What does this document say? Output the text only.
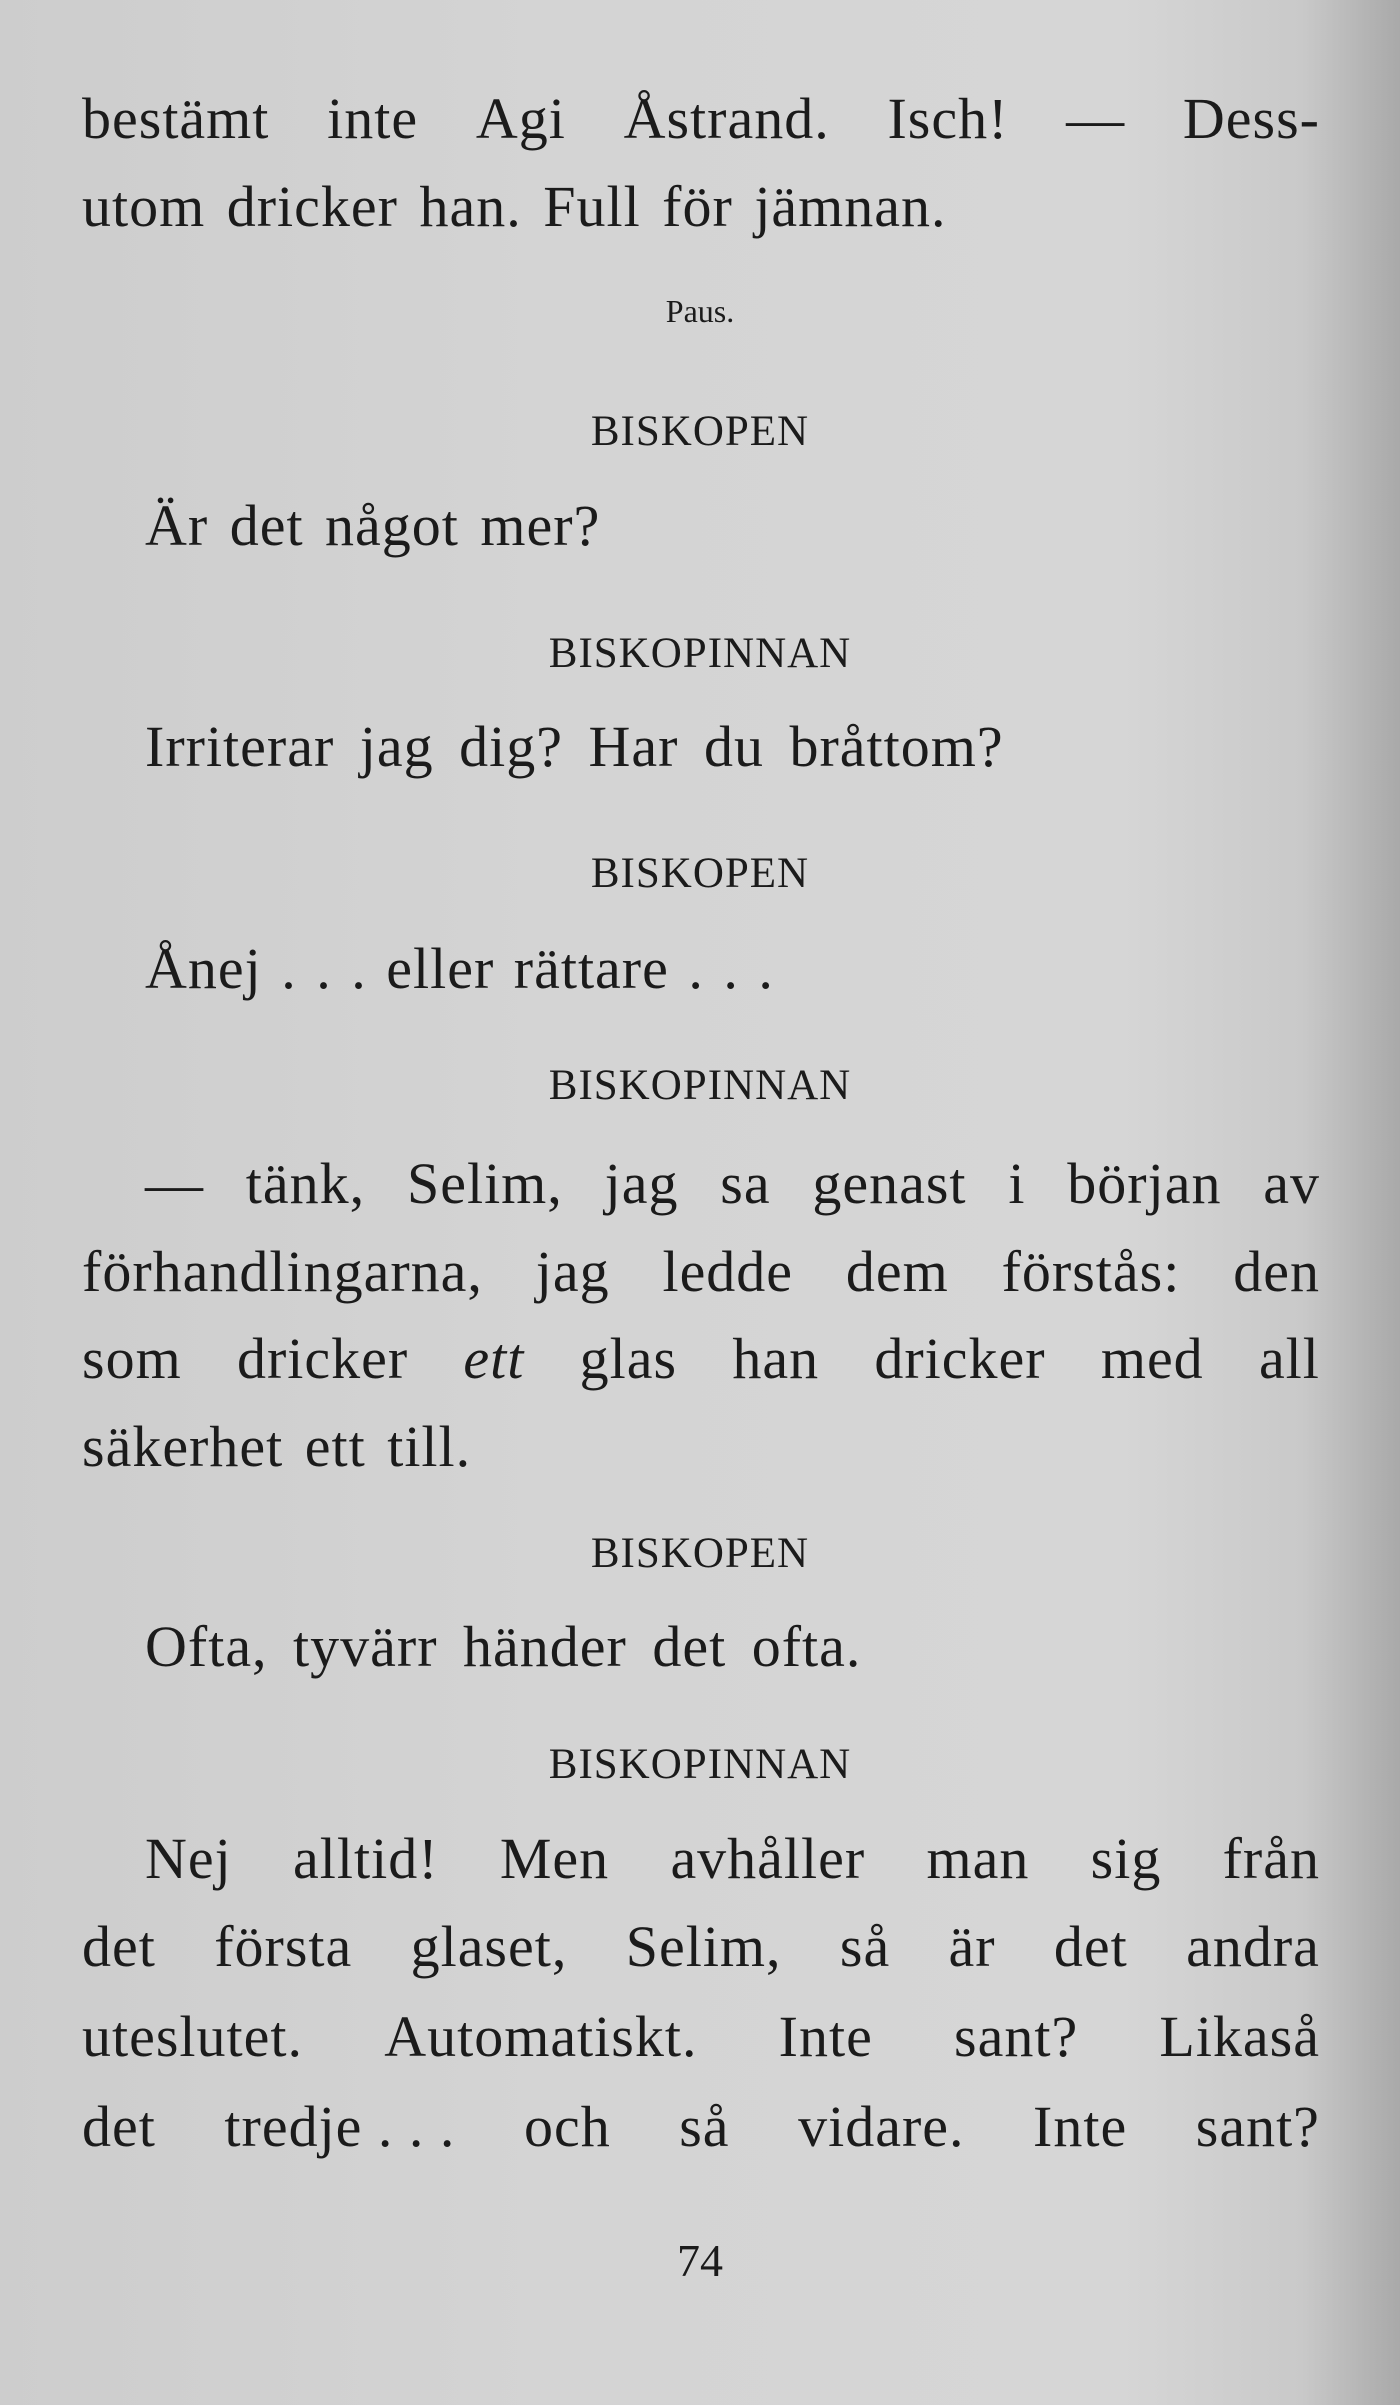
bestämt inte Agi Åstrand. Isch! — Dess-
utom dricker han. Full för jämnan.
Paus.
BISKOPEN
Är det något mer?
BISKOPINNAN
Irriterar jag dig? Har du bråttom?
BISKOPEN
Ånej . . . eller rättare . . .
BISKOPINNAN
— tänk, Selim, jag sa genast i början av
förhandlingarna, jag ledde dem förstås: den
som dricker ett glas han dricker med all
säkerhet ett till.
BISKOPEN
Ofta, tyvärr händer det ofta.
BISKOPINNAN
Nej alltid! Men avhåller man sig från
det första glaset, Selim, så är det andra
uteslutet. Automatiskt. Inte sant? Likaså
det tredje . . . och så vidare. Inte sant?
74
